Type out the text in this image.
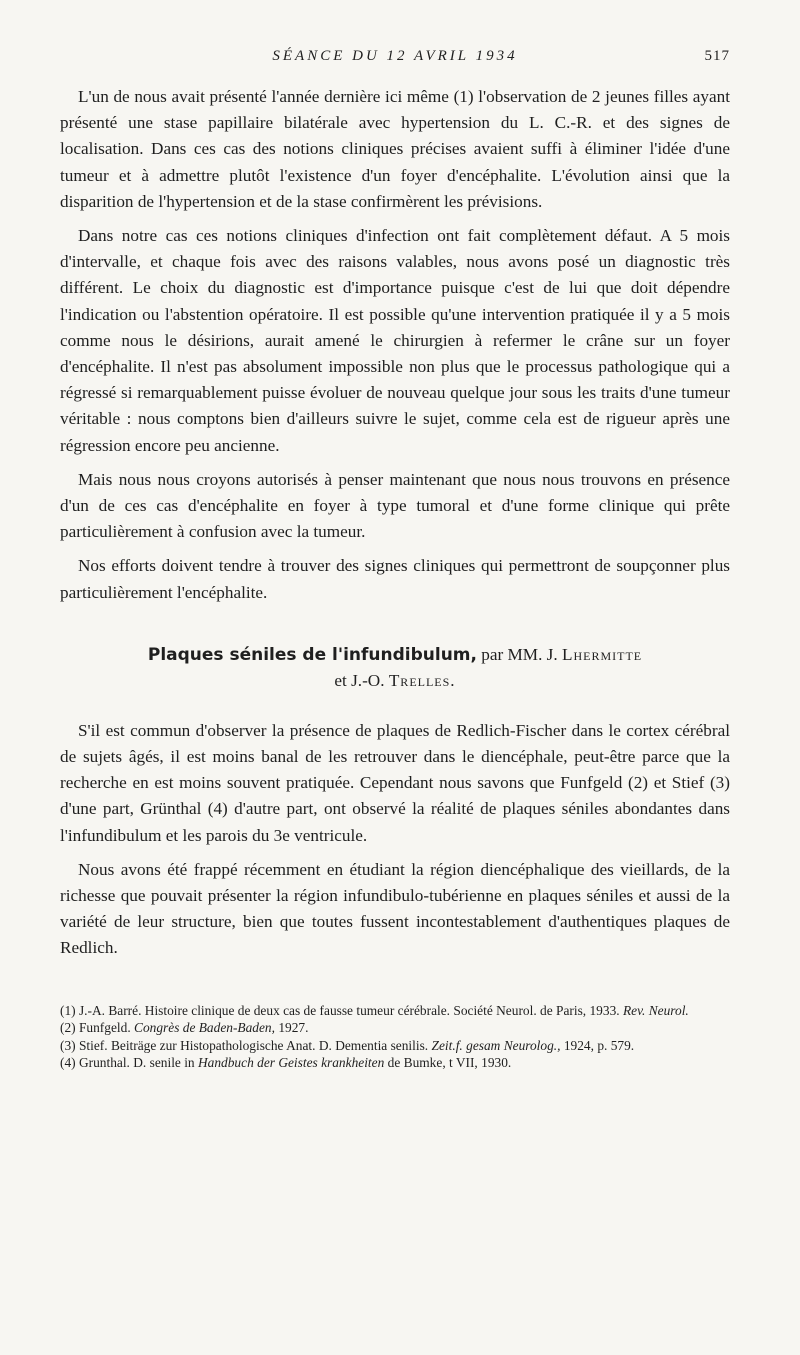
SÉANCE DU 12 AVRIL 1934	517

L'un de nous avait présenté l'année dernière ici même (1) l'observation de 2 jeunes filles ayant présenté une stase papillaire bilatérale avec hypertension du L. C.-R. et des signes de localisation. Dans ces cas des notions cliniques précises avaient suffi à éliminer l'idée d'une tumeur et à admettre plutôt l'existence d'un foyer d'encéphalite. L'évolution ainsi que la disparition de l'hypertension et de la stase confirmèrent les prévisions.

Dans notre cas ces notions cliniques d'infection ont fait complètement défaut. A 5 mois d'intervalle, et chaque fois avec des raisons valables, nous avons posé un diagnostic très différent. Le choix du diagnostic est d'importance puisque c'est de lui que doit dépendre l'indication ou l'abstention opératoire. Il est possible qu'une intervention pratiquée il y a 5 mois comme nous le désirions, aurait amené le chirurgien à refermer le crâne sur un foyer d'encéphalite. Il n'est pas absolument impossible non plus que le processus pathologique qui a régressé si remarquablement puisse évoluer de nouveau quelque jour sous les traits d'une tumeur véritable : nous comptons bien d'ailleurs suivre le sujet, comme cela est de rigueur après une régression encore peu ancienne.

Mais nous nous croyons autorisés à penser maintenant que nous nous trouvons en présence d'un de ces cas d'encéphalite en foyer à type tumoral et d'une forme clinique qui prête particulièrement à confusion avec la tumeur.

Nos efforts doivent tendre à trouver des signes cliniques qui permettront de soupçonner plus particulièrement l'encéphalite.

Plaques séniles de l'infundibulum, par MM. J. Lhermitte
et J.-O. Trelles.

S'il est commun d'observer la présence de plaques de Redlich-Fischer dans le cortex cérébral de sujets âgés, il est moins banal de les retrouver dans le diencéphale, peut-être parce que la recherche en est moins souvent pratiquée. Cependant nous savons que Funfgeld (2) et Stief (3) d'une part, Grünthal (4) d'autre part, ont observé la réalité de plaques séniles abondantes dans l'infundibulum et les parois du 3e ventricule.

Nous avons été frappé récemment en étudiant la région diencéphalique des vieillards, de la richesse que pouvait présenter la région infundibulo-tubérienne en plaques séniles et aussi de la variété de leur structure, bien que toutes fussent incontestablement d'authentiques plaques de Redlich.

(1) J.-A. Barré. Histoire clinique de deux cas de fausse tumeur cérébrale. Société Neurol. de Paris, 1933. Rev. Neurol.
(2) Funfgeld. Congrès de Baden-Baden, 1927.
(3) Stief. Beiträge zur Histopathologische Anat. D. Dementia senilis. Zeit.f. gesam Neurolog., 1924, p. 579.
(4) Grunthal. D. senile in Handbuch der Geistes krankheiten de Bumke, t VII, 1930.
